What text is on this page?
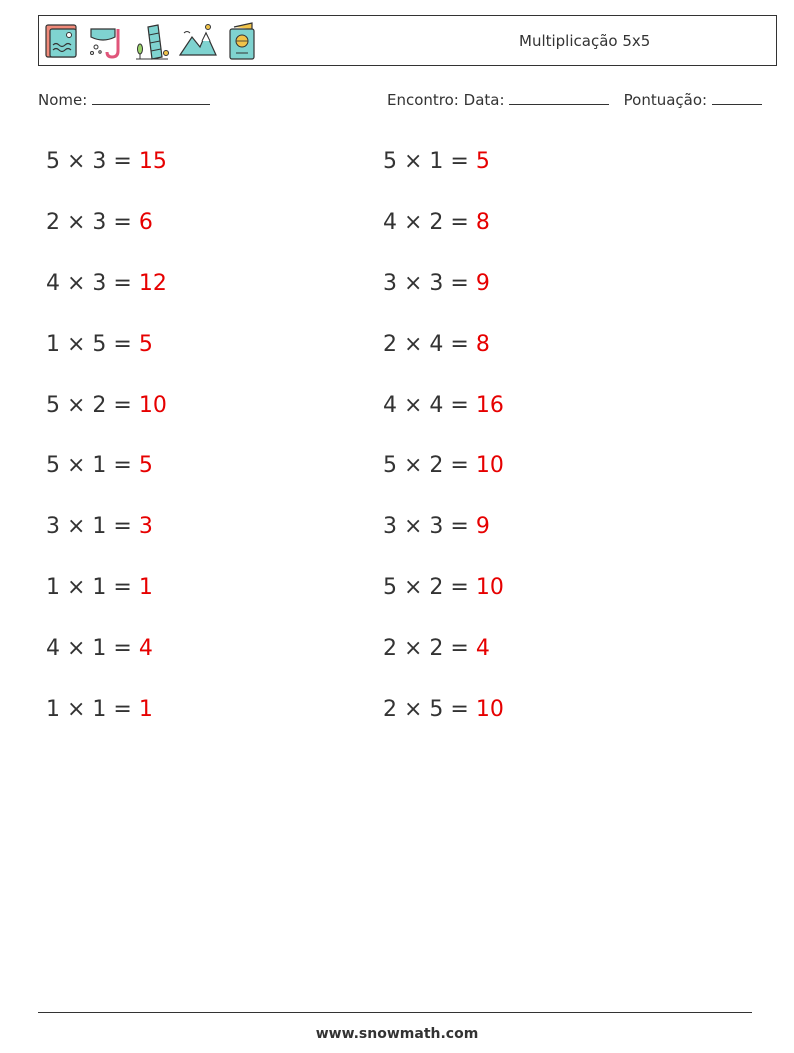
Multiplicação 5x5
Nome:	Encontro: Data:	Pontuação:
5 × 3 = 15
2 × 3 = 6
4 × 3 = 12
1 × 5 = 5
5 × 2 = 10
5 × 1 = 5
3 × 1 = 3
1 × 1 = 1
4 × 1 = 4
1 × 1 = 1
5 × 1 = 5
4 × 2 = 8
3 × 3 = 9
2 × 4 = 8
4 × 4 = 16
5 × 2 = 10
3 × 3 = 9
5 × 2 = 10
2 × 2 = 4
2 × 5 = 10
www.snowmath.com
